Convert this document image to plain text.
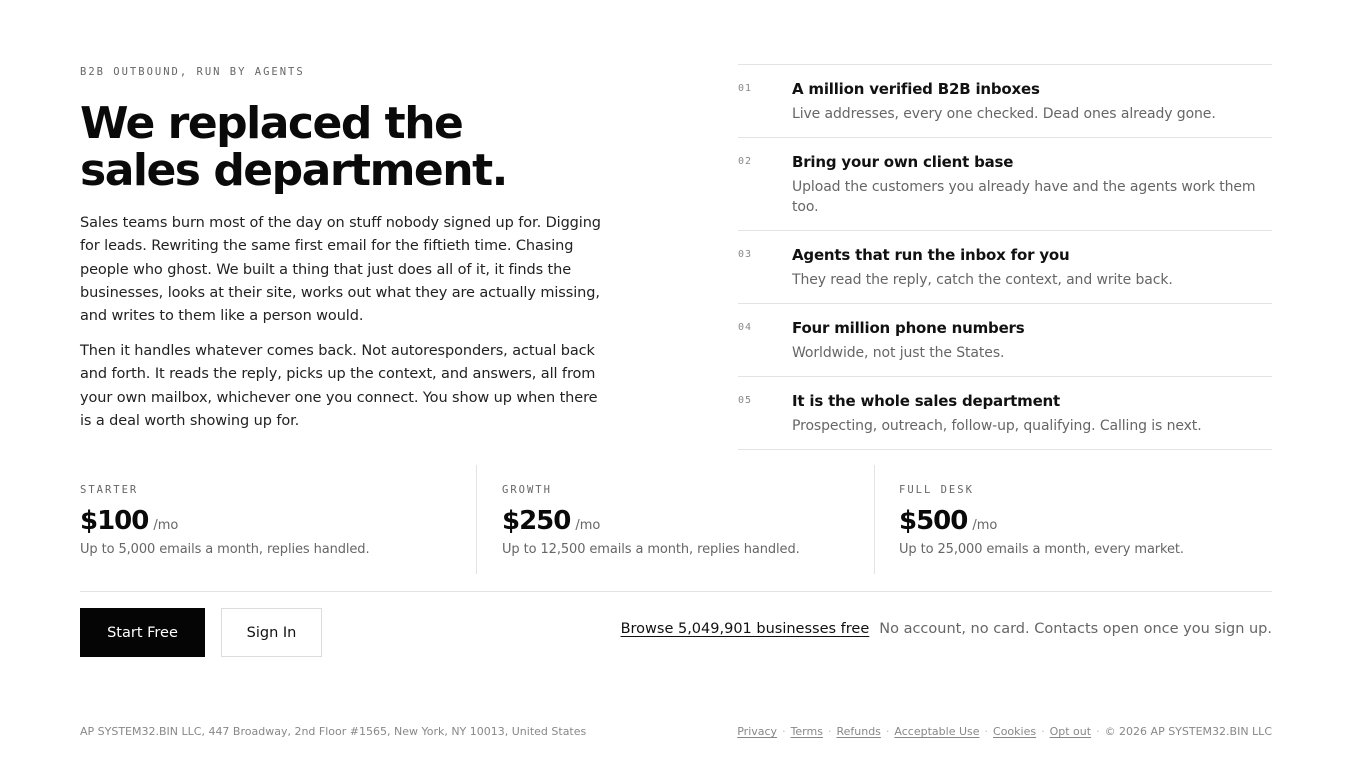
B2B OUTBOUND, RUN BY AGENTS
We replaced the
sales department.

Sales teams burn most of the day on stuff nobody signed up for. Digging for leads. Rewriting the same first email for the fiftieth time. Chasing people who ghost. We built a thing that just does all of it, it finds the businesses, looks at their site, works out what they are actually missing, and writes to them like a person would.

Then it handles whatever comes back. Not autoresponders, actual back and forth. It reads the reply, picks up the context, and answers, all from your own mailbox, whichever one you connect. You show up when there is a deal worth showing up for.

01	A million verified B2B inboxes
Live addresses, every one checked. Dead ones already gone.
02	Bring your own client base
Upload the customers you already have and the agents work them too.
03	Agents that run the inbox for you
They read the reply, catch the context, and write back.
04	Four million phone numbers
Worldwide, not just the States.
05	It is the whole sales department
Prospecting, outreach, follow-up, qualifying. Calling is next.
STARTER
$100 /mo
Up to 5,000 emails a month, replies handled.
GROWTH
$250 /mo
Up to 12,500 emails a month, replies handled.
FULL DESK
$500 /mo
Up to 25,000 emails a month, every market.
Start Free	Sign In	Browse 5,049,901 businesses free No account, no card. Contacts open once you sign up.
AP SYSTEM32.BIN LLC, 447 Broadway, 2nd Floor #1565, New York, NY 10013, United States	Privacy · Terms · Refunds · Acceptable Use · Cookies · Opt out · © 2026 AP SYSTEM32.BIN LLC
